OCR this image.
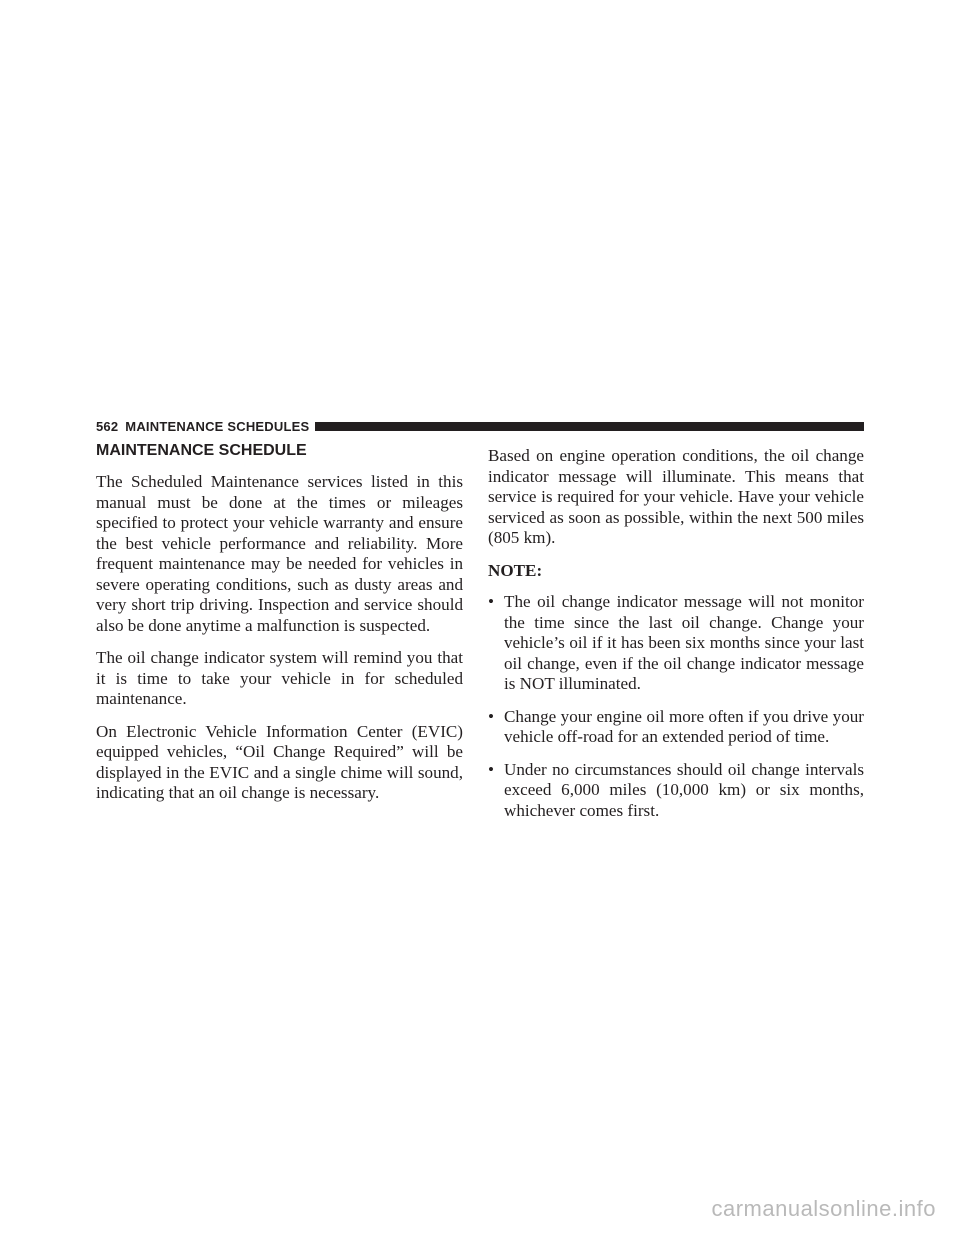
562 MAINTENANCE SCHEDULES
MAINTENANCE SCHEDULE

The Scheduled Maintenance services listed in this manual must be done at the times or mileages specified to protect your vehicle warranty and ensure the best vehicle performance and reliability. More frequent maintenance may be needed for vehicles in severe operating conditions, such as dusty areas and very short trip driving. Inspection and service should also be done anytime a malfunction is suspected.

The oil change indicator system will remind you that it is time to take your vehicle in for scheduled maintenance.

On Electronic Vehicle Information Center (EVIC) equipped vehicles, “Oil Change Required” will be displayed in the EVIC and a single chime will sound, indicating that an oil change is necessary.

Based on engine operation conditions, the oil change indicator message will illuminate. This means that service is required for your vehicle. Have your vehicle serviced as soon as possible, within the next 500 miles (805 km).

NOTE:
• The oil change indicator message will not monitor the time since the last oil change. Change your vehicle’s oil if it has been six months since your last oil change, even if the oil change indicator message is NOT illuminated.
• Change your engine oil more often if you drive your vehicle off-road for an extended period of time.
• Under no circumstances should oil change intervals exceed 6,000 miles (10,000 km) or six months, whichever comes first.
carmanualsonline.info
